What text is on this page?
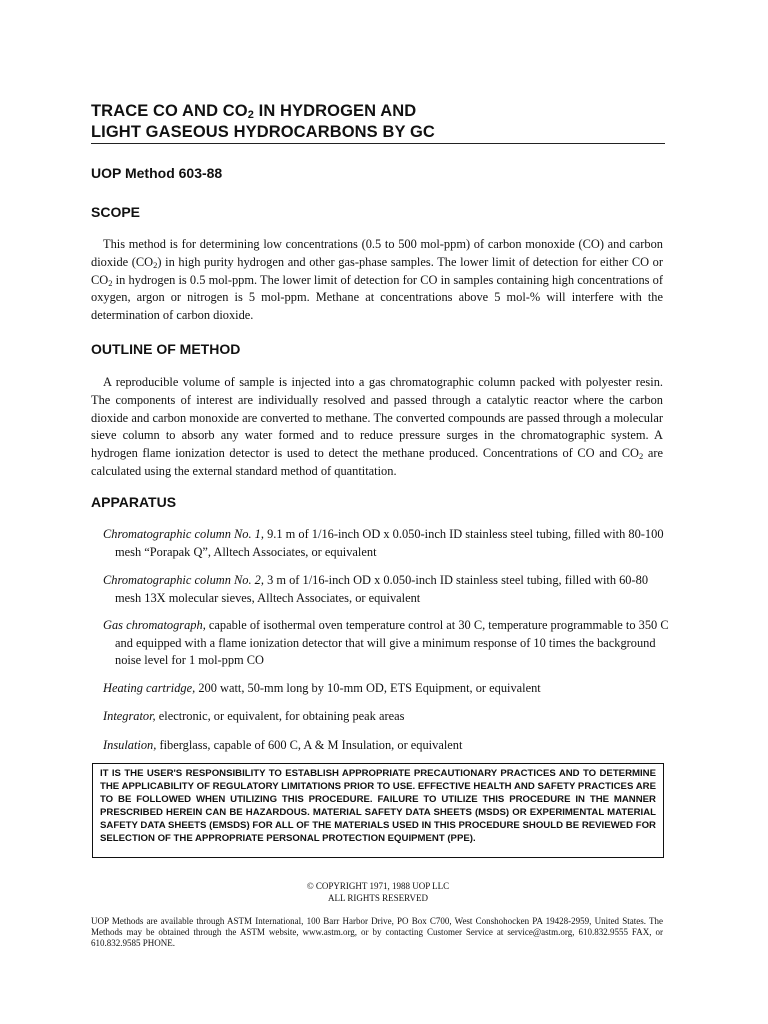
TRACE CO AND $CO_2$ IN HYDROGEN AND
LIGHT GASEOUS HYDROCARBONS BY GC
UOP Method 603-88
SCOPE
This method is for determining low concentrations (0.5 to 500 mol-ppm) of carbon monoxide (CO) and carbon dioxide $(CO_2)$ in high purity hydrogen and other gas-phase samples. The lower limit of detection for either CO or $CO_2$ in hydrogen is 0.5 mol-ppm. The lower limit of detection for CO in samples containing high concentrations of oxygen, argon or nitrogen is 5 mol-ppm. Methane at concentrations above 5 mol-% will interfere with the determination of carbon dioxide.
OUTLINE OF METHOD
A reproducible volume of sample is injected into a gas chromatographic column packed with polyester resin. The components of interest are individually resolved and passed through a catalytic reactor where the carbon dioxide and carbon monoxide are converted to methane. The converted compounds are passed through a molecular sieve column to absorb any water formed and to reduce pressure surges in the chromatographic system. A hydrogen flame ionization detector is used to detect the methane produced. Concentrations of CO and $CO_2$ are calculated using the external standard method of quantitation.
APPARATUS
Chromatographic column No. 1, 9.1 m of 1/16-inch OD x 0.050-inch ID stainless steel tubing, filled with 80-100 mesh “Porapak Q”, Alltech Associates, or equivalent
Chromatographic column No. 2, 3 m of 1/16-inch OD x 0.050-inch ID stainless steel tubing, filled with 60-80 mesh 13X molecular sieves, Alltech Associates, or equivalent
Gas chromatograph, capable of isothermal oven temperature control at 30 C, temperature programmable to 350 C and equipped with a flame ionization detector that will give a minimum response of 10 times the background noise level for 1 mol-ppm CO
Heating cartridge, 200 watt, 50-mm long by 10-mm OD, ETS Equipment, or equivalent
Integrator, electronic, or equivalent, for obtaining peak areas
Insulation, fiberglass, capable of 600 C, A & M Insulation, or equivalent
IT IS THE USER'S RESPONSIBILITY TO ESTABLISH APPROPRIATE PRECAUTIONARY PRACTICES AND TO DETERMINE THE APPLICABILITY OF REGULATORY LIMITATIONS PRIOR TO USE. EFFECTIVE HEALTH AND SAFETY PRACTICES ARE TO BE FOLLOWED WHEN UTILIZING THIS PROCEDURE. FAILURE TO UTILIZE THIS PROCEDURE IN THE MANNER PRESCRIBED HEREIN CAN BE HAZARDOUS. MATERIAL SAFETY DATA SHEETS (MSDS) OR EXPERIMENTAL MATERIAL SAFETY DATA SHEETS (EMSDS) FOR ALL OF THE MATERIALS USED IN THIS PROCEDURE SHOULD BE REVIEWED FOR SELECTION OF THE APPROPRIATE PERSONAL PROTECTION EQUIPMENT (PPE).
© COPYRIGHT 1971, 1988 UOP LLC
ALL RIGHTS RESERVED
UOP Methods are available through ASTM International, 100 Barr Harbor Drive, PO Box C700, West Conshohocken PA 19428-2959, United States. The Methods may be obtained through the ASTM website, www.astm.org, or by contacting Customer Service at service@astm.org, 610.832.9555 FAX, or 610.832.9585 PHONE.
